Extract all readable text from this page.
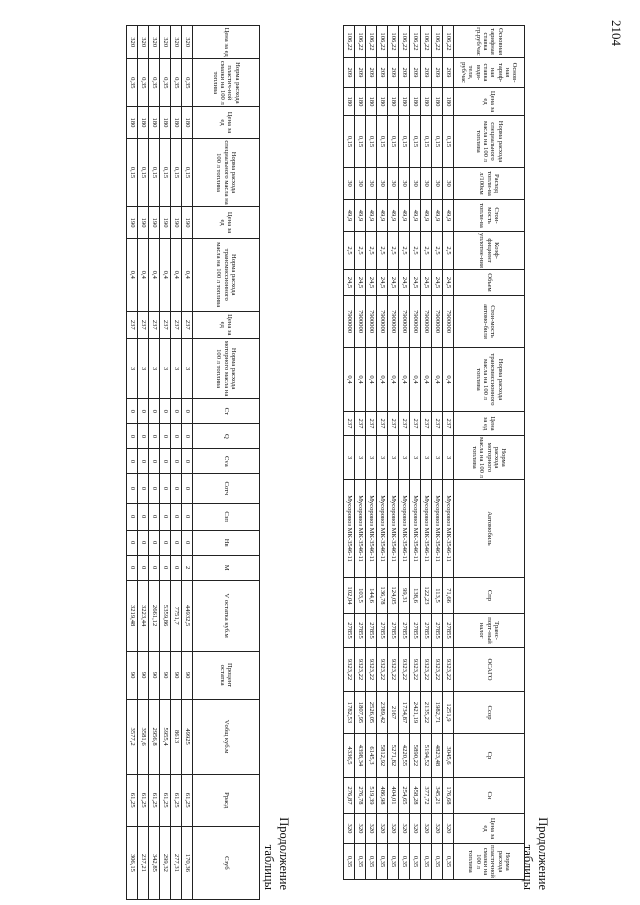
2104
Продолжение таблицы
Основная тарифная ставка гр.руб/час	Основ-ная тариф-ная ставка води-теля, руб/час	Цена за ед	Норма расхода специального масла на 100 л топлива	Расход топли-ва л/100км	Стои-мость топли-ва	Коэф-фициент уплотне-ния	Объем	Стои-мость автомо-биля	Норма расхода трансмиссионного масла на 100 л топлива	Цена за ед	Норма расхода моторного масла на 100 л топлива	Автомобиль	Спр	Транс-порт-ный налог	ОСАГО	Ссор	Ср	Сн	Цена за ед	Норма расхода пластичной смазки на 100 л топлива
106,22	209	180	0,15	30	49,9	2,5	24,5	7900000	0,4	237	3	Мусоровоз МК-3546-11	71,66	27855	9323,22	1251,9	3045,6	176,68	320	0,35
106,22	209	180	0,15	30	49,9	2,5	24,5	7900000	0,4	237	3	Мусоровоз МК-3546-11	113,5	27855	9323,22	1982,71	4823,48	345,21	320	0,35
106,22	209	180	0,15	30	49,9	2,5	24,5	7900000	0,4	237	3	Мусоровоз МК-3546-11	122,23	27855	9323,22	2135,22	5194,52	377,72	320	0,35
106,22	209	180	0,15	30	49,9	2,5	24,5	7900000	0,4	237	3	Мусоровоз МК-3546-11	138,6	27855	9323,22	2421,19	5890,22	458,28	320	0,35
106,22	209	180	0,15	30	49,9	2,5	24,5	7900000	0,4	237	3	Мусоровоз МК-3546-11	99,31	27855	9323,22	1734,87	4220,55	254,65	320	0,35
106,22	209	180	0,15	30	49,9	2,5	24,5	7900000	0,4	237	3	Мусоровоз МК-3546-11	124,05	27855	9323,22	2167	5271,82	404,01	320	0,35
106,22	209	180	0,15	30	49,9	2,5	24,5	7900000	0,4	237	3	Мусоровоз МК-3546-11	136,78	27855	9323,22	2389,42	5812,92	486,98	320	0,35
106,22	209	180	0,15	30	49,9	2,5	24,5	7900000	0,4	237	3	Мусоровоз МК-3546-11	144,6	27855	9323,22	2526,05	6145,3	519,39	320	0,35
106,22	209	180	0,15	30	49,9	2,5	24,5	7900000	0,4	237	3	Мусоровоз МК-3546-11	103,5	27855	9323,22	1807,95	4398,34	276,78	320	0,35
106,22	209	180	0,15	30	49,9	2,5	24,5	7900000	0,4	237	3	Мусоровоз МК-3546-11	102,04	27855	9323,22	1782,53	4336,5	276,87	320	0,35
Продолжение таблицы
Цена за ед	Норма расхода пластич-ной смазки на 100 л топлива	Цена за ед	Норма расхода специального масла на 100 л топлива	Цена за ед	Норма расхода трансмиссионного масла на 100 л топлива	Цена за ед	Норма расхода моторного масла на 100 л топлива	Cт	Q	Сva	Сотч	Сзп	Нв	М	V остатка куб.м	Процент остатка	Vобщ куб.м	Ррасд	Сзуб
320	0,35	180	0,15	190	0,4	237	3	0	0	0	0	0	0	2	44932,5	90	49925	61,25	170,36
320	0,35	180	0,15	190	0,4	237	3	0	0	0	0	0	0	0	7751,7	90	8613	61,25	277,31
320	0,35	180	0,15	190	0,4	237	3	0	0	0	0	0	0	0	5359,86	90	5955,4	61,25	299,32
320	0,35	180	0,15	190	0,4	237	3	0	0	0	0	0	0	0	2661,12	90	2956,8	61,25	342,85
320	0,35	180	0,15	190	0,4	237	3	0	0	0	0	0	0	0	3223,44	90	3581,6	61,25	237,21
320	0,35	180	0,15	190	0,4	237	3	0	0	0	0	0	0	0	3219,48	90	3577,2	61,25	306,15
